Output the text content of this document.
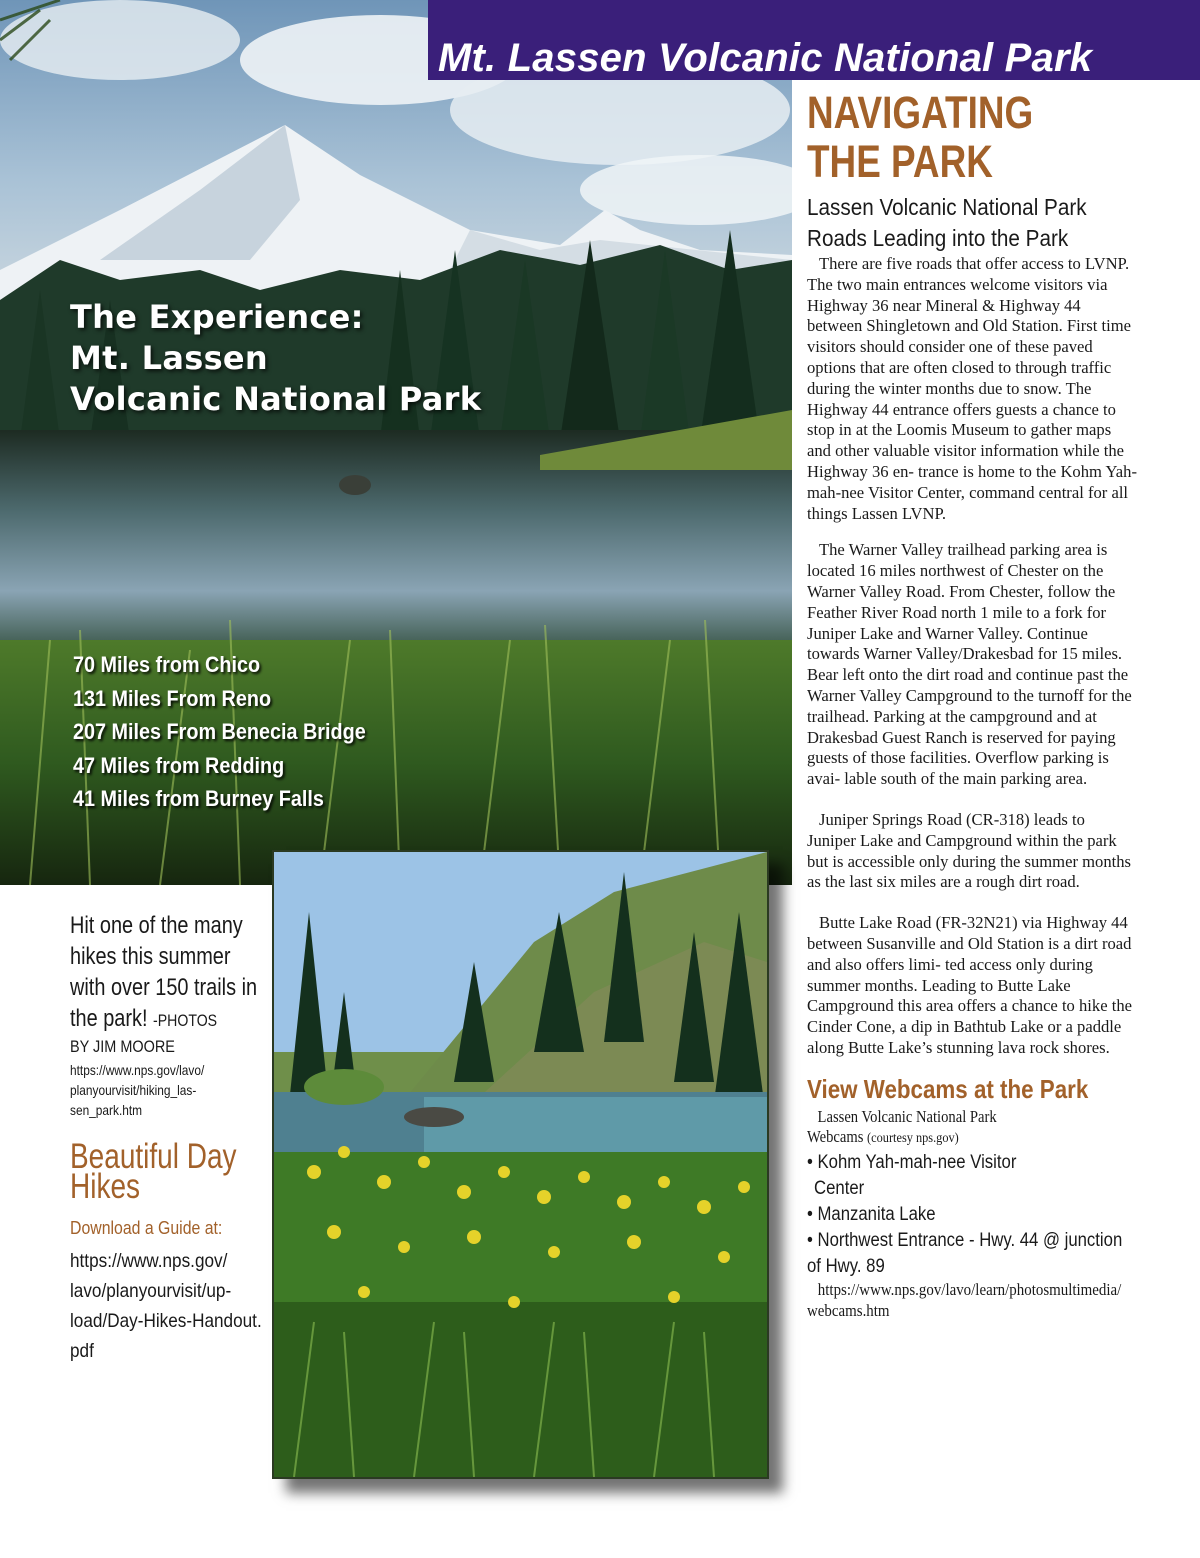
The Experience:
Mt. Lassen
Volcanic National Park
70 Miles from Chico
131 Miles From Reno
207 Miles From Benecia Bridge
47 Miles from Redding
41 Miles from Burney Falls
Mt. Lassen Volcanic National Park
NAVIGATING
THE PARK
Lassen Volcanic National Park
Roads Leading into the Park

There are five roads that offer access to LVNP. The two main entrances welcome visitors via Highway 36 near Mineral & Highway 44 between Shingletown and Old Station. First time visitors should consider one of these paved options that are often closed to through traffic during the winter months due to snow. The Highway 44 entrance offers guests a chance to stop in at the Loomis Museum to gather maps and other valuable visitor information while the Highway 36 en- trance is home to the Kohm Yah-mah-nee Visitor Center, command central for all things Lassen LVNP.

The Warner Valley trailhead parking area is located 16 miles northwest of Chester on the Warner Valley Road. From Chester, follow the Feather River Road north 1 mile to a fork for Juniper Lake and Warner Valley. Continue towards Warner Valley/Drakesbad for 15 miles. Bear left onto the dirt road and continue past the Warner Valley Campground to the turnoff for the trailhead. Parking at the campground and at Drakesbad Guest Ranch is reserved for paying guests of those facilities. Overflow parking is avai- lable south of the main parking area.

Juniper Springs Road (CR-318) leads to Juniper Lake and Campground within the park but is accessible only during the summer months as the last six miles are a rough dirt road.

Butte Lake Road (FR-32N21) via Highway 44 between Susanville and Old Station is a dirt road and also offers limi- ted access only during summer months. Leading to Butte Lake Campground this area offers a chance to hike the Cinder Cone, a dip in Bathtub Lake or a paddle along Butte Lake’s stunning lava rock shores.

View Webcams at the Park

Lassen Volcanic National Park
Webcams (courtesy nps.gov)

• Kohm Yah-mah-nee Visitor
Center
• Manzanita Lake
• Northwest Entrance - Hwy. 44 @ junction
of Hwy. 89

https://www.nps.gov/lavo/learn/photosmultimedia/
webcams.htm

Hit one of the many hikes this summer with over 150 trails in the park! -PHOTOS

BY JIM MOORE

https://www.nps.gov/lavo/ planyourvisit/hiking_las- sen_park.htm

Beautiful Day
Hikes

Download a Guide at:

https://www.nps.gov/ lavo/planyourvisit/up- load/Day-Hikes-Handout. pdf
